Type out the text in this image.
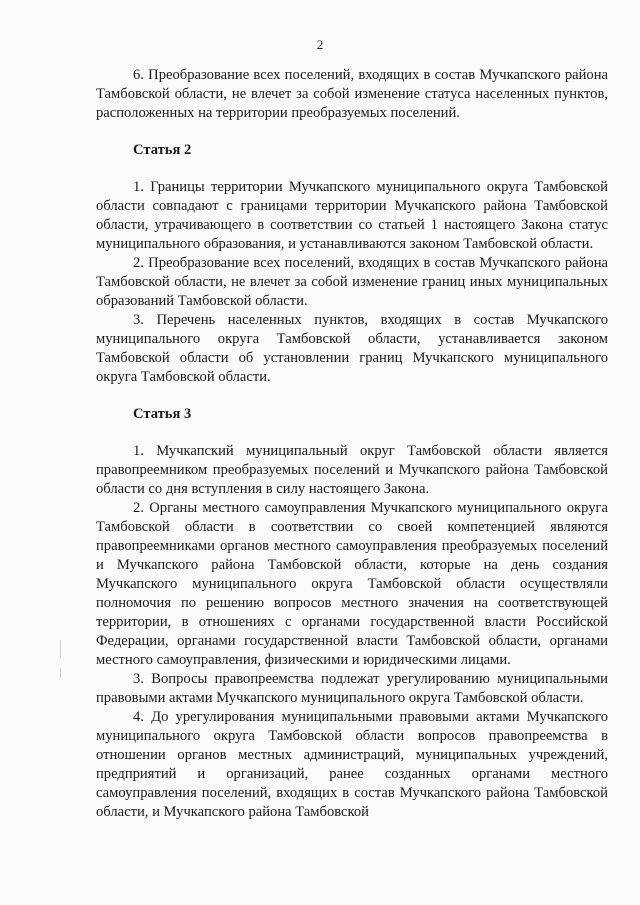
2

6. Преобразование всех поселений, входящих в состав Мучкапского района Тамбовской области, не влечет за собой изменение статуса населенных пунктов, расположенных на территории преобразуемых поселений.

Статья 2

1. Границы территории Мучкапского муниципального округа Тамбовской области совпадают с границами территории Мучкапского района Тамбовской области, утрачивающего в соответствии со статьей 1 настоящего Закона статус муниципального образования, и устанавливаются законом Тамбовской области.

2. Преобразование всех поселений, входящих в состав Мучкапского района Тамбовской области, не влечет за собой изменение границ иных муниципальных образований Тамбовской области.

3. Перечень населенных пунктов, входящих в состав Мучкапского муниципального округа Тамбовской области, устанавливается законом Тамбовской области об установлении границ Мучкапского муниципального округа Тамбовской области.

Статья 3

1. Мучкапский муниципальный округ Тамбовской области является правопреемником преобразуемых поселений и Мучкапского района Тамбовской области со дня вступления в силу настоящего Закона.

2. Органы местного самоуправления Мучкапского муниципального округа Тамбовской области в соответствии со своей компетенцией являются правопреемниками органов местного самоуправления преобразуемых поселений и Мучкапского района Тамбовской области, которые на день создания Мучкапского муниципального округа Тамбовской области осуществляли полномочия по решению вопросов местного значения на соответствующей территории, в отношениях с органами государственной власти Российской Федерации, органами государственной власти Тамбовской области, органами местного самоуправления, физическими и юридическими лицами.

3. Вопросы правопреемства подлежат урегулированию муниципальными правовыми актами Мучкапского муниципального округа Тамбовской области.

4. До урегулирования муниципальными правовыми актами Мучкапского муниципального округа Тамбовской области вопросов правопреемства в отношении органов местных администраций, муниципальных учреждений, предприятий и организаций, ранее созданных органами местного самоуправления поселений, входящих в состав Мучкапского района Тамбовской области, и Мучкапского района Тамбовской
